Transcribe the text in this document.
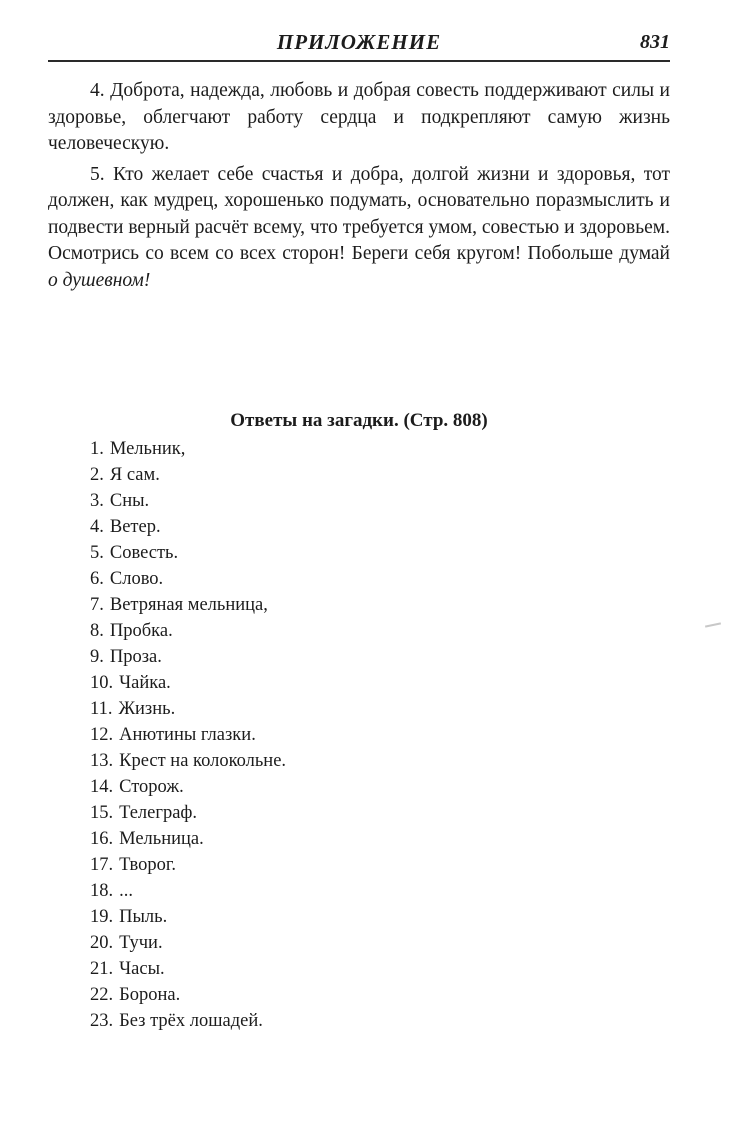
ПРИЛОЖЕНИЕ	831

4. Доброта, надежда, любовь и добрая совесть поддерживают силы и здоровье, облегчают работу сердца и подкрепляют самую жизнь человеческую.

5. Кто желает себе счастья и добра, долгой жизни и здоровья, тот должен, как мудрец, хорошенько подумать, основательно поразмыслить и подвести верный расчёт всему, что требуется умом, совестью и здоровьем. Осмотрись со всем со всех сторон! Береги себя кругом! Побольше думай о душевном!

Ответы на загадки. (Стр. 808)
1. Мельник,
2. Я сам.
3. Сны.
4. Ветер.
5. Совесть.
6. Слово.
7. Ветряная мельница,
8. Пробка.
9. Проза.
10. Чайка.
11. Жизнь.
12. Анютины глазки.
13. Крест на колокольне.
14. Сторож.
15. Телеграф.
16. Мельница.
17. Творог.
18. ...
19. Пыль.
20. Тучи.
21. Часы.
22. Борона.
23. Без трёх лошадей.
